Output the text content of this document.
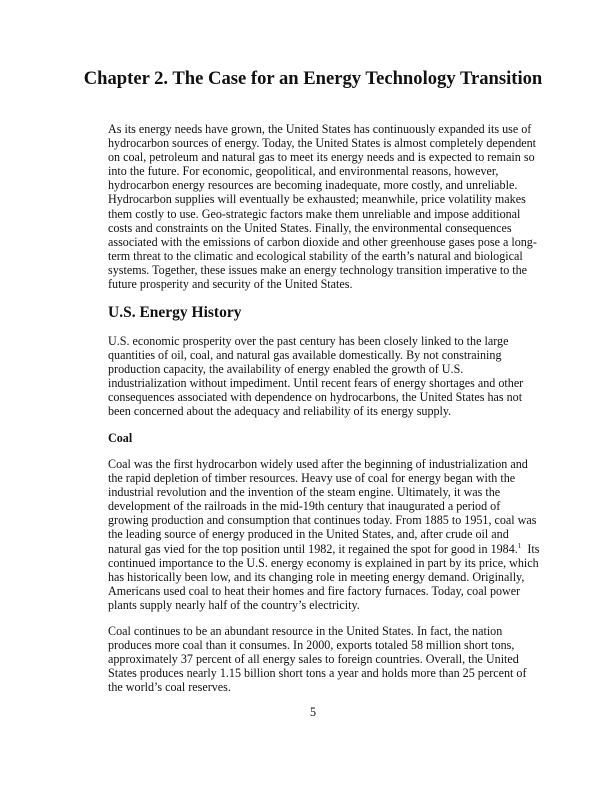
Chapter 2. The Case for an Energy Technology Transition
As its energy needs have grown, the United States has continuously expanded its use of
hydrocarbon sources of energy. Today, the United States is almost completely dependent
on coal, petroleum and natural gas to meet its energy needs and is expected to remain so
into the future. For economic, geopolitical, and environmental reasons, however,
hydrocarbon energy resources are becoming inadequate, more costly, and unreliable.
Hydrocarbon supplies will eventually be exhausted; meanwhile, price volatility makes
them costly to use. Geo-strategic factors make them unreliable and impose additional
costs and constraints on the United States. Finally, the environmental consequences
associated with the emissions of carbon dioxide and other greenhouse gases pose a long-
term threat to the climatic and ecological stability of the earth’s natural and biological
systems. Together, these issues make an energy technology transition imperative to the
future prosperity and security of the United States.
U.S. Energy History
U.S. economic prosperity over the past century has been closely linked to the large
quantities of oil, coal, and natural gas available domestically. By not constraining
production capacity, the availability of energy enabled the growth of U.S.
industrialization without impediment. Until recent fears of energy shortages and other
consequences associated with dependence on hydrocarbons, the United States has not
been concerned about the adequacy and reliability of its energy supply.
Coal
Coal was the first hydrocarbon widely used after the beginning of industrialization and
the rapid depletion of timber resources. Heavy use of coal for energy began with the
industrial revolution and the invention of the steam engine. Ultimately, it was the
development of the railroads in the mid-19th century that inaugurated a period of
growing production and consumption that continues today. From 1885 to 1951, coal was
the leading source of energy produced in the United States, and, after crude oil and
natural gas vied for the top position until 1982, it regained the spot for good in 1984.$^1$  Its
continued importance to the U.S. energy economy is explained in part by its price, which
has historically been low, and its changing role in meeting energy demand. Originally,
Americans used coal to heat their homes and fire factory furnaces. Today, coal power
plants supply nearly half of the country’s electricity.
Coal continues to be an abundant resource in the United States. In fact, the nation
produces more coal than it consumes. In 2000, exports totaled 58 million short tons,
approximately 37 percent of all energy sales to foreign countries. Overall, the United
States produces nearly 1.15 billion short tons a year and holds more than 25 percent of
the world’s coal reserves.
5
